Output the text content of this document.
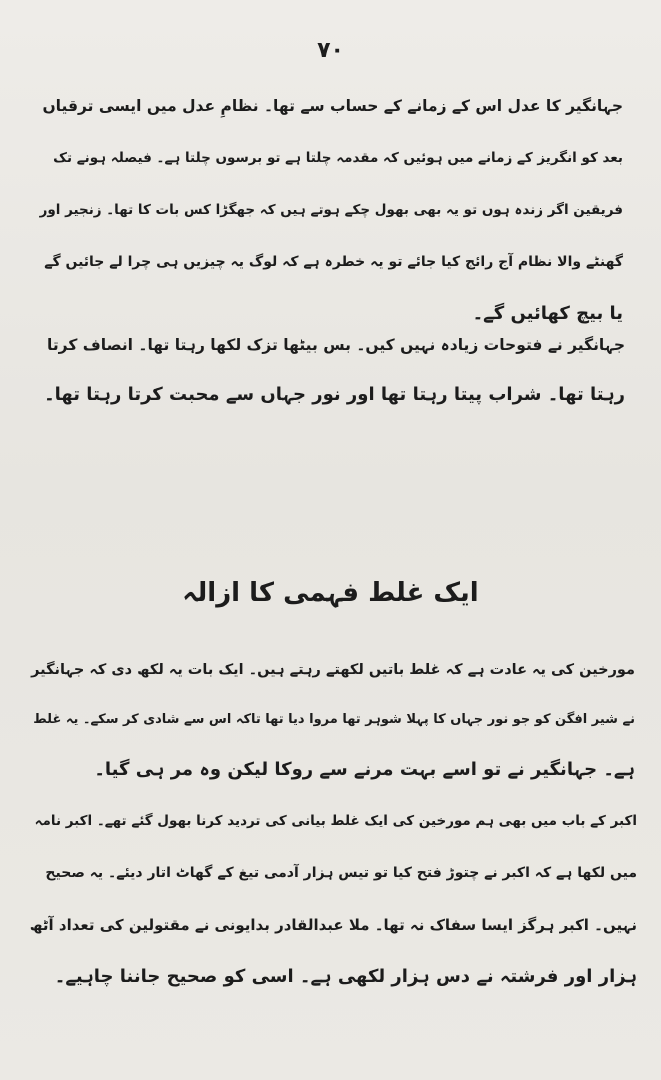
۷۰
جہانگیر کا عدل اس کے زمانے کے حساب سے تھا۔ نظامِ عدل میں ایسی ترقیاں
بعد کو انگریز کے زمانے میں ہوئیں کہ مقدمہ چلتا ہے تو برسوں چلتا ہے۔ فیصلہ ہونے تک
فریقین اگر زندہ ہوں تو یہ بھی بھول چکے ہوتے ہیں کہ جھگڑا کس بات کا تھا۔ زنجیر اور
گھنٹے والا نظام آج رائج کیا جائے تو یہ خطرہ ہے کہ لوگ یہ چیزیں ہی چرا لے جائیں گے
یا بیچ کھائیں گے۔
جہانگیر نے فتوحات زیادہ نہیں کیں۔ بس بیٹھا تزک لکھا رہتا تھا۔ انصاف کرتا
رہتا تھا۔ شراب پیتا رہتا تھا اور نور جہاں سے محبت کرتا رہتا تھا۔
ایک غلط فہمی کا ازالہ
مورخین کی یہ عادت ہے کہ غلط باتیں لکھتے رہتے ہیں۔ ایک بات یہ لکھ دی کہ جہانگیر
نے شیر افگن کو جو نور جہاں کا پہلا شوہر تھا مروا دیا تھا تاکہ اس سے شادی کر سکے۔ یہ غلط
ہے۔ جہانگیر نے تو اسے بہت مرنے سے روکا لیکن وہ مر ہی گیا۔
اکبر کے باب میں بھی ہم مورخین کی ایک غلط بیانی کی تردید کرنا بھول گئے تھے۔ اکبر نامہ
میں لکھا ہے کہ اکبر نے چتوڑ فتح کیا تو تیس ہزار آدمی تیغ کے گھاٹ اتار دیئے۔ یہ صحیح
نہیں۔ اکبر ہرگز ایسا سفاک نہ تھا۔ ملا عبدالقادر بدایونی نے مقتولین کی تعداد آٹھ
ہزار اور فرشتہ نے دس ہزار لکھی ہے۔ اسی کو صحیح جاننا چاہیے۔
